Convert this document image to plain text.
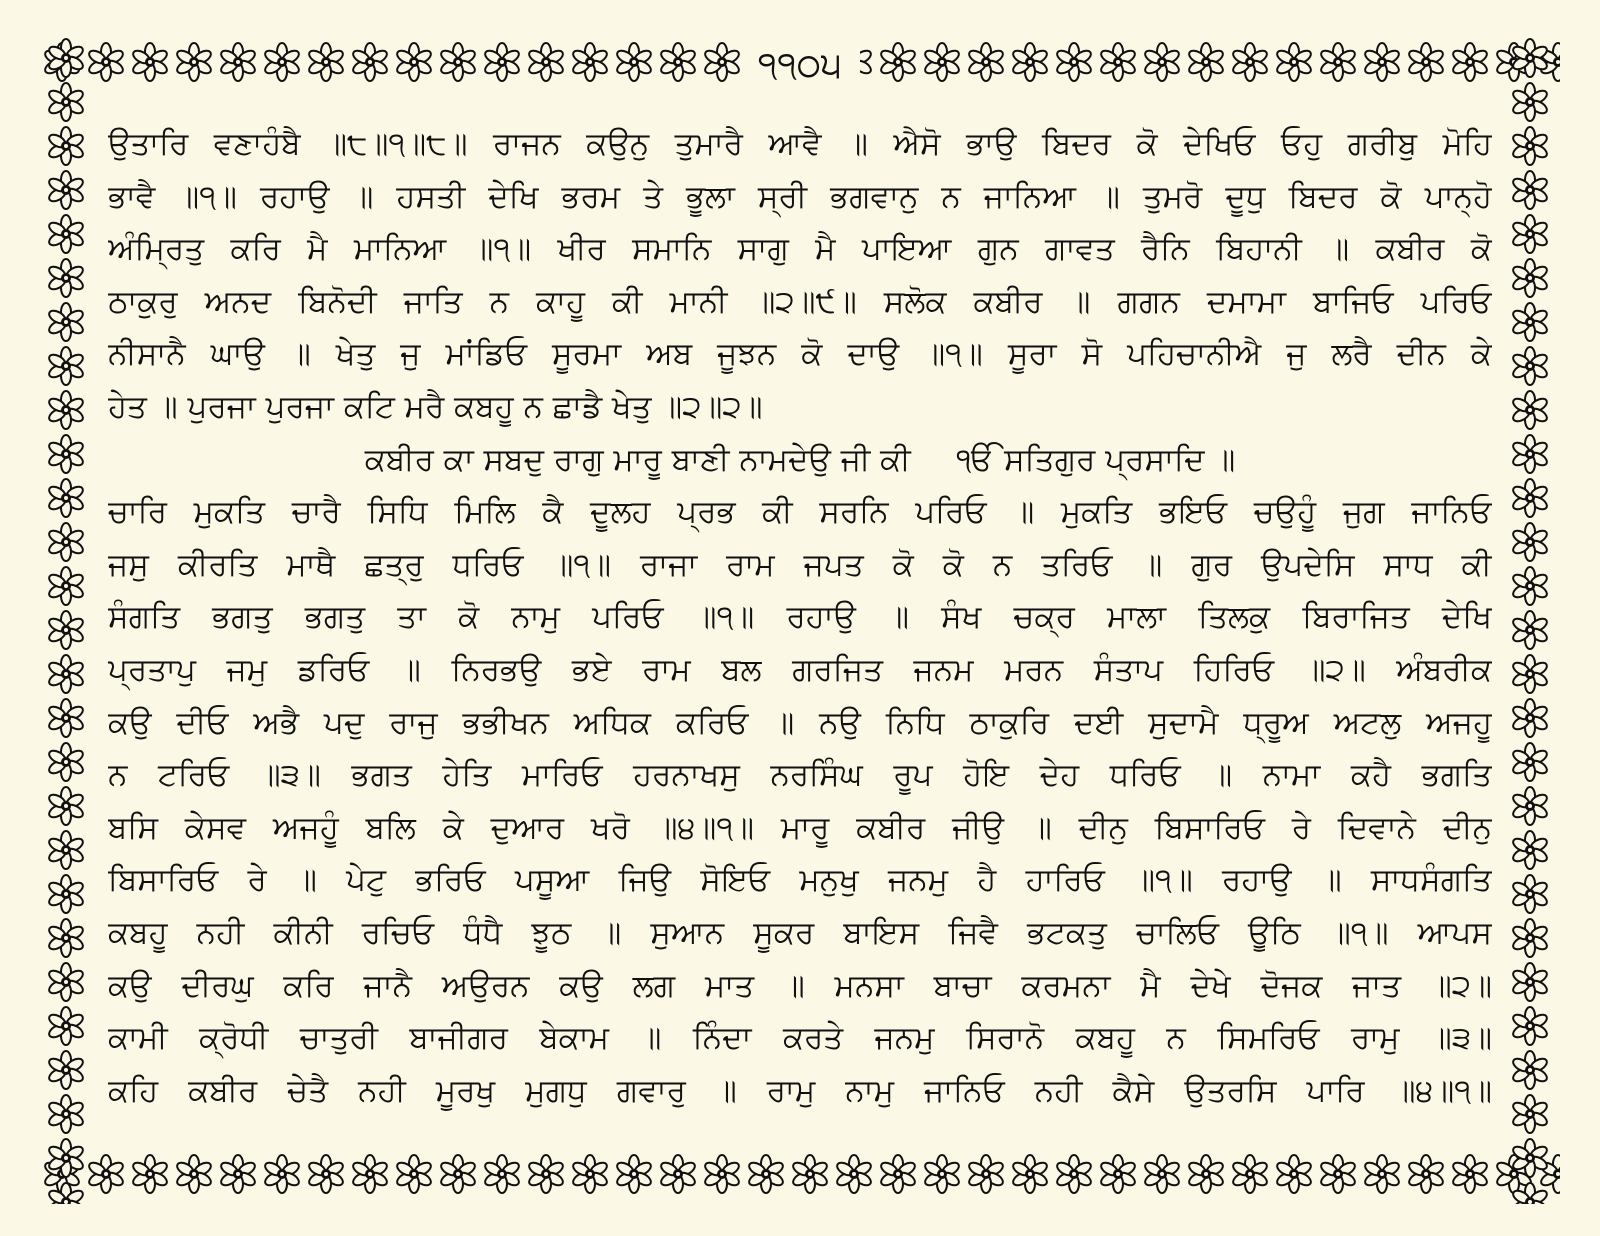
੧੧੦੫
ਉਤਾਰਿ ਵਣਾਹੰਬੈ ॥੮॥੧॥੮॥ ਰਾਜਨ ਕਉਨੁ ਤੁਮਾਰੈ ਆਵੈ ॥ ਐਸੋ ਭਾਉ ਬਿਦਰ ਕੋ ਦੇਖਿਓ ਓਹੁ ਗਰੀਬੁ ਮੋਹਿ
ਭਾਵੈ ॥੧॥ ਰਹਾਉ ॥ ਹਸਤੀ ਦੇਖਿ ਭਰਮ ਤੇ ਭੂਲਾ ਸ੍ਰੀ ਭਗਵਾਨੁ ਨ ਜਾਨਿਆ ॥ ਤੁਮਰੋ ਦੂਧੁ ਬਿਦਰ ਕੋ ਪਾਨ੍ਹੋ
ਅੰਮ੍ਰਿਤੁ ਕਰਿ ਮੈ ਮਾਨਿਆ ॥੧॥ ਖੀਰ ਸਮਾਨਿ ਸਾਗੁ ਮੈ ਪਾਇਆ ਗੁਨ ਗਾਵਤ ਰੈਨਿ ਬਿਹਾਨੀ ॥ ਕਬੀਰ ਕੋ
ਠਾਕੁਰੁ ਅਨਦ ਬਿਨੋਦੀ ਜਾਤਿ ਨ ਕਾਹੂ ਕੀ ਮਾਨੀ ॥੨॥੯॥ ਸਲੋਕ ਕਬੀਰ ॥ ਗਗਨ ਦਮਾਮਾ ਬਾਜਿਓ ਪਰਿਓ
ਨੀਸਾਨੈ ਘਾਉ ॥ ਖੇਤੁ ਜੁ ਮਾਂਡਿਓ ਸੂਰਮਾ ਅਬ ਜੂਝਨ ਕੋ ਦਾਉ ॥੧॥ ਸੂਰਾ ਸੋ ਪਹਿਚਾਨੀਐ ਜੁ ਲਰੈ ਦੀਨ ਕੇ
ਹੇਤ ॥ ਪੁਰਜਾ ਪੁਰਜਾ ਕਟਿ ਮਰੈ ਕਬਹੂ ਨ ਛਾਡੈ ਖੇਤੁ ॥੨॥੨॥
ਕਬੀਰ ਕਾ ਸਬਦੁ ਰਾਗੁ ਮਾਰੂ ਬਾਣੀ ਨਾਮਦੇਉ ਜੀ ਕੀ ੴ ਸਤਿਗੁਰ ਪ੍ਰਸਾਦਿ ॥
ਚਾਰਿ ਮੁਕਤਿ ਚਾਰੈ ਸਿਧਿ ਮਿਲਿ ਕੈ ਦੂਲਹ ਪ੍ਰਭ ਕੀ ਸਰਨਿ ਪਰਿਓ ॥ ਮੁਕਤਿ ਭਇਓ ਚਉਹੂੰ ਜੁਗ ਜਾਨਿਓ
ਜਸੁ ਕੀਰਤਿ ਮਾਥੈ ਛਤ੍ਰੁ ਧਰਿਓ ॥੧॥ ਰਾਜਾ ਰਾਮ ਜਪਤ ਕੋ ਕੋ ਨ ਤਰਿਓ ॥ ਗੁਰ ਉਪਦੇਸਿ ਸਾਧ ਕੀ
ਸੰਗਤਿ ਭਗਤੁ ਭਗਤੁ ਤਾ ਕੋ ਨਾਮੁ ਪਰਿਓ ॥੧॥ ਰਹਾਉ ॥ ਸੰਖ ਚਕ੍ਰ ਮਾਲਾ ਤਿਲਕੁ ਬਿਰਾਜਿਤ ਦੇਖਿ
ਪ੍ਰਤਾਪੁ ਜਮੁ ਡਰਿਓ ॥ ਨਿਰਭਉ ਭਏ ਰਾਮ ਬਲ ਗਰਜਿਤ ਜਨਮ ਮਰਨ ਸੰਤਾਪ ਹਿਰਿਓ ॥੨॥ ਅੰਬਰੀਕ
ਕਉ ਦੀਓ ਅਭੈ ਪਦੁ ਰਾਜੁ ਭਭੀਖਨ ਅਧਿਕ ਕਰਿਓ ॥ ਨਉ ਨਿਧਿ ਠਾਕੁਰਿ ਦਈ ਸੁਦਾਮੈ ਧ੍ਰੂਅ ਅਟਲੁ ਅਜਹੂ
ਨ ਟਰਿਓ ॥੩॥ ਭਗਤ ਹੇਤਿ ਮਾਰਿਓ ਹਰਨਾਖਸੁ ਨਰਸਿੰਘ ਰੂਪ ਹੋਇ ਦੇਹ ਧਰਿਓ ॥ ਨਾਮਾ ਕਹੈ ਭਗਤਿ
ਬਸਿ ਕੇਸਵ ਅਜਹੂੰ ਬਲਿ ਕੇ ਦੁਆਰ ਖਰੋ ॥੪॥੧॥ ਮਾਰੂ ਕਬੀਰ ਜੀਉ ॥ ਦੀਨੁ ਬਿਸਾਰਿਓ ਰੇ ਦਿਵਾਨੇ ਦੀਨੁ
ਬਿਸਾਰਿਓ ਰੇ ॥ ਪੇਟੁ ਭਰਿਓ ਪਸੂਆ ਜਿਉ ਸੋਇਓ ਮਨੁਖੁ ਜਨਮੁ ਹੈ ਹਾਰਿਓ ॥੧॥ ਰਹਾਉ ॥ ਸਾਧਸੰਗਤਿ
ਕਬਹੂ ਨਹੀ ਕੀਨੀ ਰਚਿਓ ਧੰਧੈ ਝੂਠ ॥ ਸੁਆਨ ਸੂਕਰ ਬਾਇਸ ਜਿਵੈ ਭਟਕਤੁ ਚਾਲਿਓ ਊਠਿ ॥੧॥ ਆਪਸ
ਕਉ ਦੀਰਘੁ ਕਰਿ ਜਾਨੈ ਅਉਰਨ ਕਉ ਲਗ ਮਾਤ ॥ ਮਨਸਾ ਬਾਚਾ ਕਰਮਨਾ ਮੈ ਦੇਖੇ ਦੋਜਕ ਜਾਤ ॥੨॥
ਕਾਮੀ ਕ੍ਰੋਧੀ ਚਾਤੁਰੀ ਬਾਜੀਗਰ ਬੇਕਾਮ ॥ ਨਿੰਦਾ ਕਰਤੇ ਜਨਮੁ ਸਿਰਾਨੋ ਕਬਹੂ ਨ ਸਿਮਰਿਓ ਰਾਮੁ ॥੩॥
ਕਹਿ ਕਬੀਰ ਚੇਤੈ ਨਹੀ ਮੂਰਖੁ ਮੁਗਧੁ ਗਵਾਰੁ ॥ ਰਾਮੁ ਨਾਮੁ ਜਾਨਿਓ ਨਹੀ ਕੈਸੇ ਉਤਰਸਿ ਪਾਰਿ ॥੪॥੧॥
